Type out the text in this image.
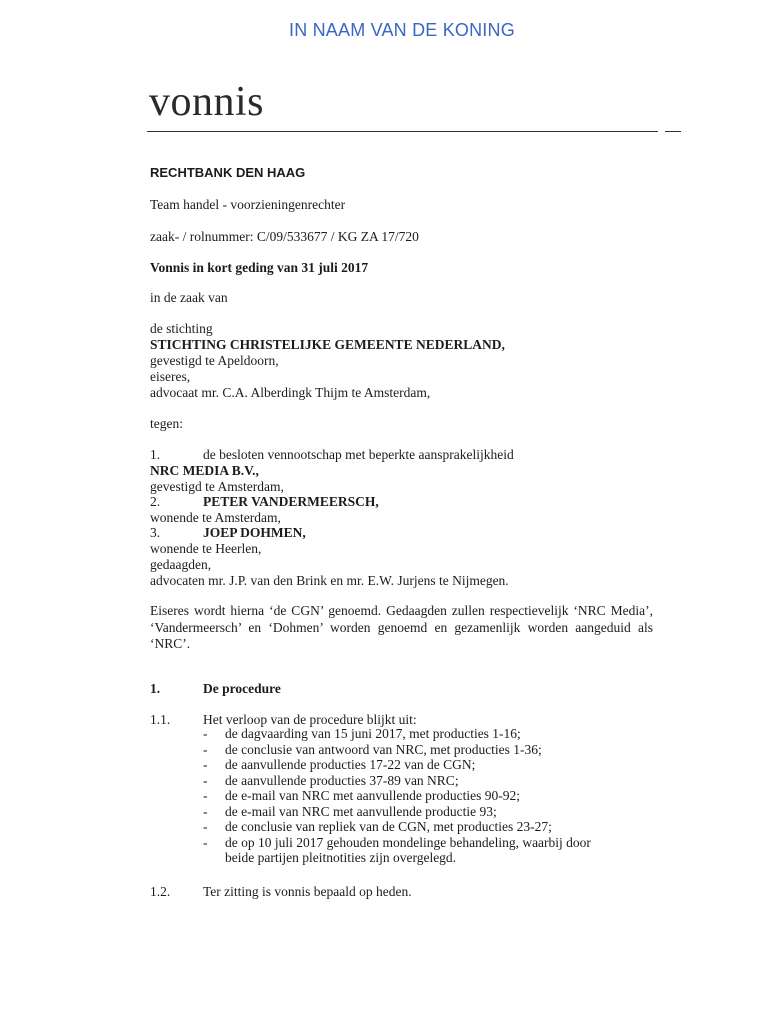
IN NAAM VAN DE KONING
vonnis
RECHTBANK DEN HAAG
Team handel - voorzieningenrechter
zaak- / rolnummer: C/09/533677 / KG ZA 17/720
Vonnis in kort geding van 31 juli 2017
in de zaak van
de stichting
STICHTING CHRISTELIJKE GEMEENTE NEDERLAND,
gevestigd te Apeldoorn,
eiseres,
advocaat mr. C.A. Alberdingk Thijm te Amsterdam,
tegen:
1.	de besloten vennootschap met beperkte aansprakelijkheid
NRC MEDIA B.V.,
gevestigd te Amsterdam,
2.	PETER VANDERMEERSCH,
wonende te Amsterdam,
3.	JOEP DOHMEN,
wonende te Heerlen,
gedaagden,
advocaten mr. J.P. van den Brink en mr. E.W. Jurjens te Nijmegen.
Eiseres wordt hierna ‘de CGN’ genoemd. Gedaagden zullen respectievelijk ‘NRC Media’, ‘Vandermeersch’ en ‘Dohmen’ worden genoemd en gezamenlijk worden aangeduid als ‘NRC’.
1.	De procedure
1.1. Het verloop van de procedure blijkt uit:
- de dagvaarding van 15 juni 2017, met producties 1-16;
- de conclusie van antwoord van NRC, met producties 1-36;
- de aanvullende producties 17-22 van de CGN;
- de aanvullende producties 37-89 van NRC;
- de e-mail van NRC met aanvullende producties 90-92;
- de e-mail van NRC met aanvullende productie 93;
- de conclusie van repliek van de CGN, met producties 23-27;
- de op 10 juli 2017 gehouden mondelinge behandeling, waarbij door beide partijen pleitnotities zijn overgelegd.
1.2. Ter zitting is vonnis bepaald op heden.
